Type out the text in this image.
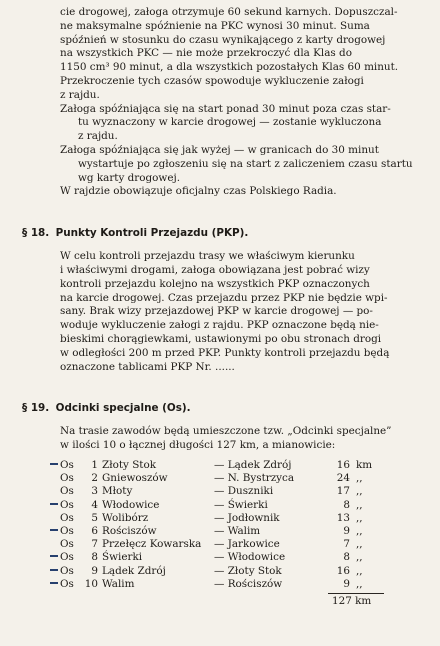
cie drogowej, załoga otrzymuje 60 sekund karnych. Dopuszczal-
ne maksymalne spóźnienie na PKC wynosi 30 minut. Suma
spóźnień w stosunku do czasu wynikającego z karty drogowej
na wszystkich PKC — nie może przekroczyć dla Klas do
1150 cm³ 90 minut, a dla wszystkich pozostałych Klas 60 minut.
Przekroczenie tych czasów spowoduje wykluczenie załogi
z rajdu.
Załoga spóźniająca się na start ponad 30 minut poza czas star-
tu wyznaczony w karcie drogowej — zostanie wykluczona
z rajdu.
Załoga spóźniająca się jak wyżej — w granicach do 30 minut
wystartuje po zgłoszeniu się na start z zaliczeniem czasu startu
wg karty drogowej.
W rajdzie obowiązuje oficjalny czas Polskiego Radia.
§ 18. Punkty Kontroli Przejazdu (PKP).
W celu kontroli przejazdu trasy we właściwym kierunku
i właściwymi drogami, załoga obowiązana jest pobrać wizy
kontroli przejazdu kolejno na wszystkich PKP oznaczonych
na karcie drogowej. Czas przejazdu przez PKP nie będzie wpi-
sany. Brak wizy przejazdowej PKP w karcie drogowej — po-
woduje wykluczenie załogi z rajdu. PKP oznaczone będą nie-
bieskimi chorągiewkami, ustawionymi po obu stronach drogi
w odległości 200 m przed PKP. Punkty kontroli przejazdu będą
oznaczone tablicami PKP Nr. ......
§ 19. Odcinki specjalne (Os).
Na trasie zawodów będą umieszczone tzw. „Odcinki specjalne”
w ilości 10 o łącznej długości 127 km, a mianowicie:
	Os	1	Złoty Stok	— Lądek Zdrój	16	km
	Os	2	Gniewoszów	— N. Bystrzyca	24	,,
	Os	3	Młoty	— Duszniki	17	,,
	Os	4	Włodowice	— Świerki	8	,,
	Os	5	Wolibórz	— Jodłownik	13	,,
	Os	6	Rościszów	— Walim	9	,,
	Os	7	Przełęcz Kowarska	— Jarkowice	7	,,
	Os	8	Świerki	— Włodowice	8	,,
	Os	9	Lądek Zdrój	— Złoty Stok	16	,,
	Os	10	Walim	— Rościszów	9	,,
127 km
